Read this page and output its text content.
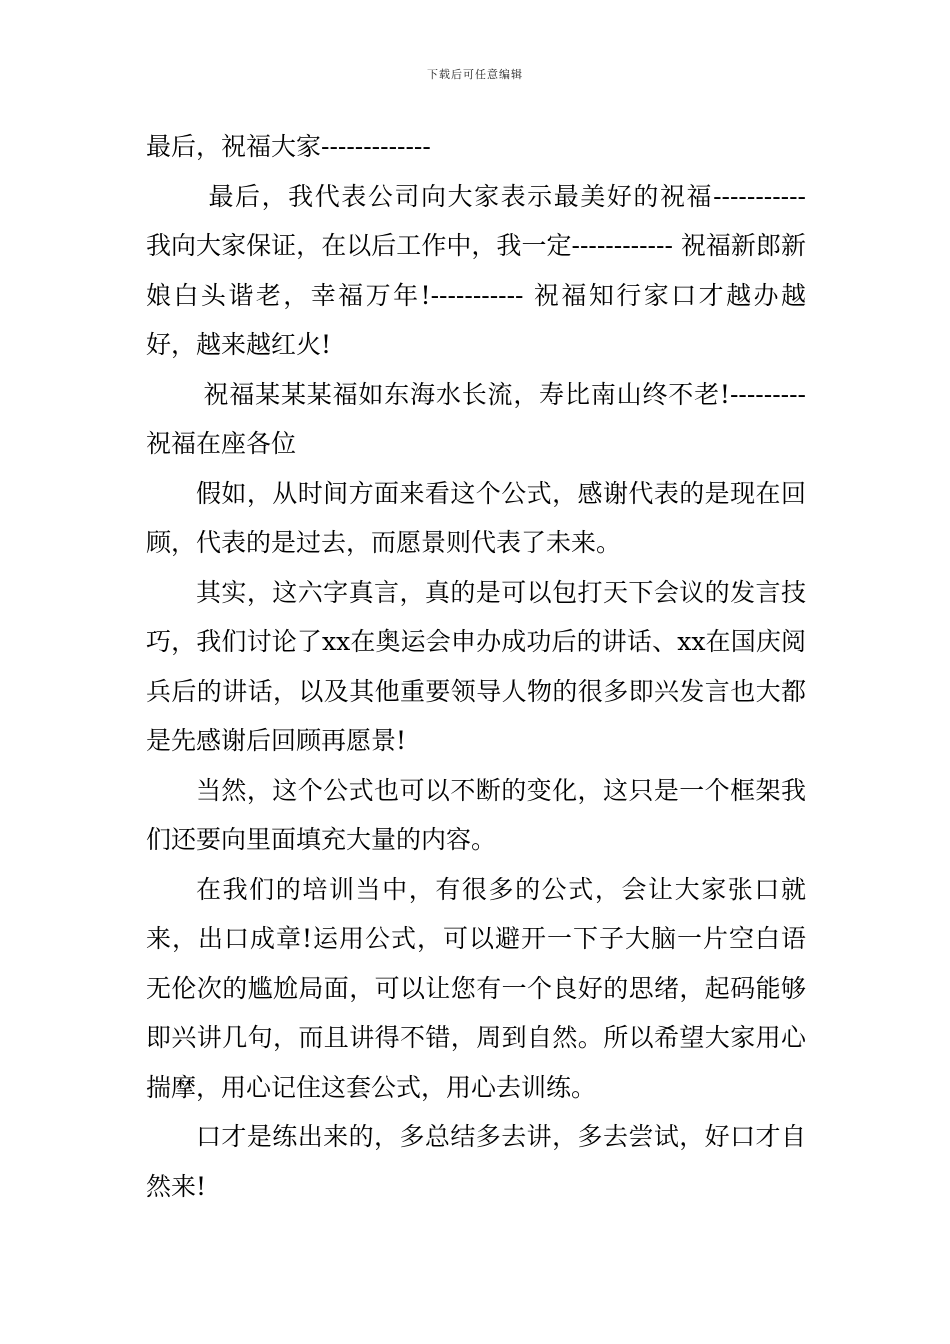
下载后可任意编辑

最后，祝福大家-------------

最后，我代表公司向大家表示最美好的祝福----------- 我向大家保证，在以后工作中，我一定------------ 祝福新郎新娘白头谐老，幸福万年!----------- 祝福知行家口才越办越好，越来越红火!

祝福某某某福如东海水长流，寿比南山终不老!--------- 祝福在座各位

假如，从时间方面来看这个公式，感谢代表的是现在回顾，代表的是过去，而愿景则代表了未来。

其实，这六字真言，真的是可以包打天下会议的发言技巧，我们讨论了xx在奥运会申办成功后的讲话、xx在国庆阅兵后的讲话，以及其他重要领导人物的很多即兴发言也大都是先感谢后回顾再愿景!

当然，这个公式也可以不断的变化，这只是一个框架我们还要向里面填充大量的内容。

在我们的培训当中，有很多的公式，会让大家张口就来，出口成章!运用公式，可以避开一下子大脑一片空白语无伦次的尴尬局面，可以让您有一个良好的思绪，起码能够即兴讲几句，而且讲得不错，周到自然。所以希望大家用心揣摩，用心记住这套公式，用心去训练。

口才是练出来的，多总结多去讲，多去尝试，好口才自然来!
